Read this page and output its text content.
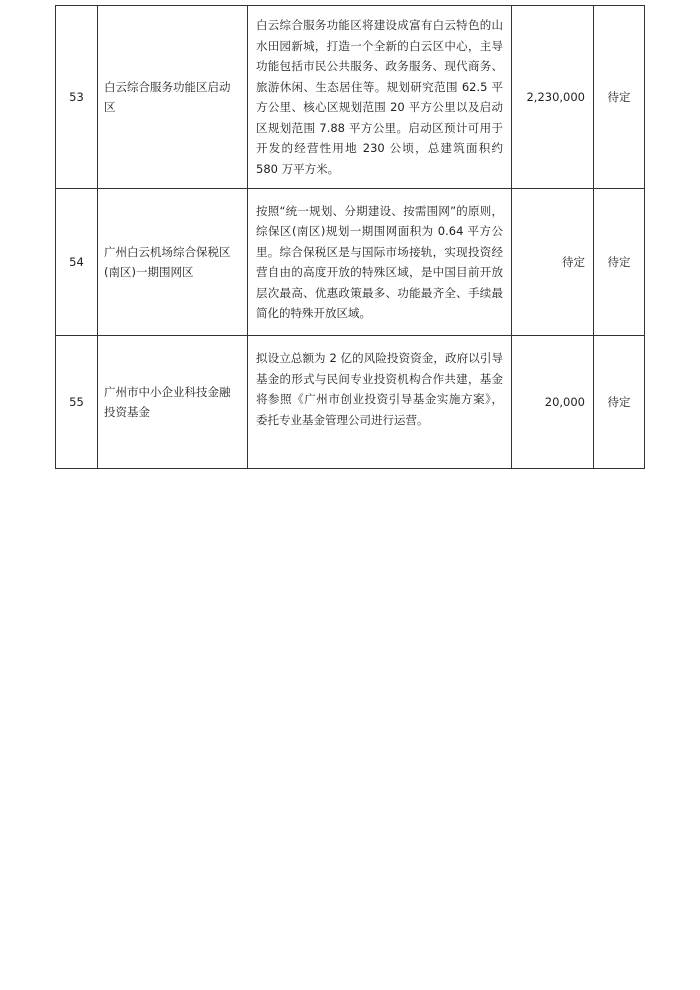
53	白云综合服务功能区启动区	白云综合服务功能区将建设成富有白云特色的山水田园新城，打造一个全新的白云区中心，主导功能包括市民公共服务、政务服务、现代商务、旅游休闲、生态居住等。规划研究范围 62.5 平方公里、核心区规划范围 20 平方公里以及启动区规划范围 7.88 平方公里。启动区预计可用于开发的经营性用地 230 公顷，总建筑面积约 580 万平方米。	2,230,000	待定
54	广州白云机场综合保税区(南区)一期围网区	按照“统一规划、分期建设、按需围网”的原则，综保区(南区)规划一期围网面积为 0.64 平方公里。综合保税区是与国际市场接轨，实现投资经营自由的高度开放的特殊区域，是中国目前开放层次最高、优惠政策最多、功能最齐全、手续最简化的特殊开放区域。	待定	待定
55	广州市中小企业科技金融投资基金	拟设立总额为 2 亿的风险投资资金，政府以引导基金的形式与民间专业投资机构合作共建，基金将参照《广州市创业投资引导基金实施方案》，委托专业基金管理公司进行运营。	20,000	待定
